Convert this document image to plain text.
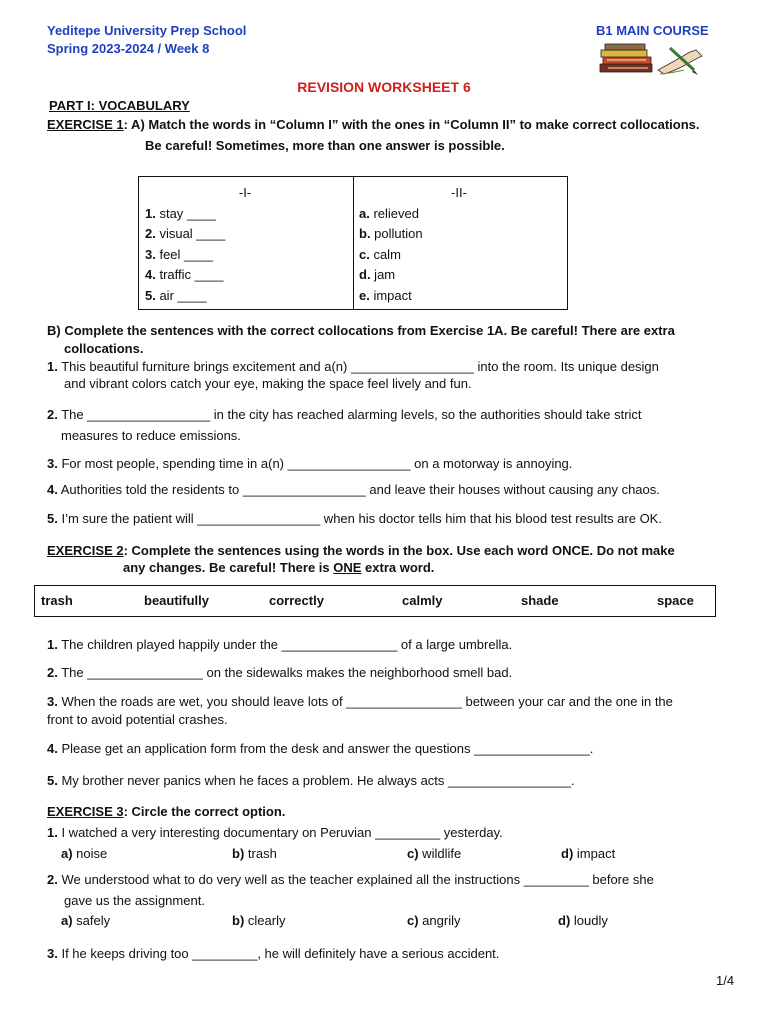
Yeditepe University Prep School
Spring 2023-2024 / Week 8
B1 MAIN COURSE
REVISION WORKSHEET 6
PART I: VOCABULARY
EXERCISE 1: A) Match the words in “Column I” with the ones in “Column II” to make correct collocations.
Be careful! Sometimes, more than one answer is possible.
-I-
1. stay ____
2. visual ____
3. feel ____
4. traffic ____
5. air ____
-II-
a. relieved
b. pollution
c. calm
d. jam
e. impact
B) Complete the sentences with the correct collocations from Exercise 1A. Be careful! There are extra
collocations.
1. This beautiful furniture brings excitement and a(n) _________________ into the room. Its unique design
and vibrant colors catch your eye, making the space feel lively and fun.
2. The _________________ in the city has reached alarming levels, so the authorities should take strict
measures to reduce emissions.
3. For most people, spending time in a(n) _________________ on a motorway is annoying.
4. Authorities told the residents to _________________ and leave their houses without causing any chaos.
5. I’m sure the patient will _________________ when his doctor tells him that his blood test results are OK.
EXERCISE 2: Complete the sentences using the words in the box. Use each word ONCE. Do not make
any changes. Be careful! There is ONE extra word.
trash	beautifully	correctly	calmly	shade	space
1. The children played happily under the ________________ of a large umbrella.
2. The ________________ on the sidewalks makes the neighborhood smell bad.
3. When the roads are wet, you should leave lots of ________________ between your car and the one in the
front to avoid potential crashes.
4. Please get an application form from the desk and answer the questions ________________.
5. My brother never panics when he faces a problem. He always acts _________________.
EXERCISE 3: Circle the correct option.
1. I watched a very interesting documentary on Peruvian _________ yesterday.
a) noise	b) trash	c) wildlife	d) impact
2. We understood what to do very well as the teacher explained all the instructions _________ before she
gave us the assignment.
a) safely	b) clearly	c) angrily	d) loudly
3. If he keeps driving too _________, he will definitely have a serious accident.
1/4
